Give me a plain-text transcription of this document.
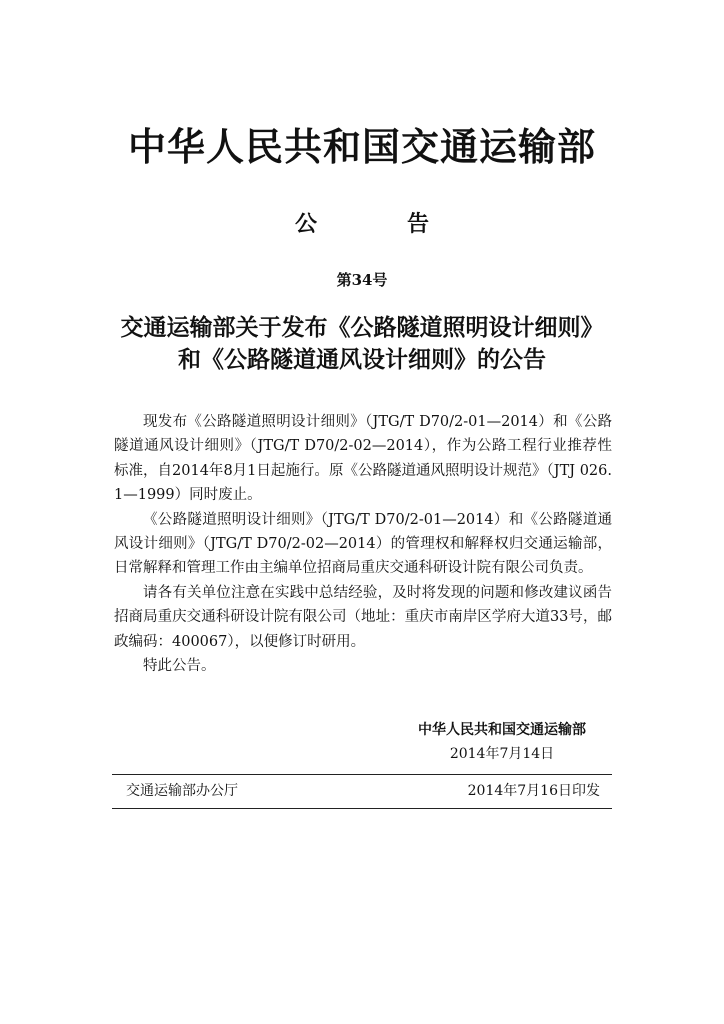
中华人民共和国交通运输部
公告
第34号
交通运输部关于发布《公路隧道照明设计细则》
和《公路隧道通风设计细则》的公告

现发布《公路隧道照明设计细则》（JTG/T D70/2-01—2014）和《公路隧道通风设计细则》（JTG/T D70/2-02—2014），作为公路工程行业推荐性标准，自2014年8月1日起施行。原《公路隧道通风照明设计规范》（JTJ 026. 1—1999）同时废止。

《公路隧道照明设计细则》（JTG/T D70/2-01—2014）和《公路隧道通风设计细则》（JTG/T D70/2-02—2014）的管理权和解释权归交通运输部，日常解释和管理工作由主编单位招商局重庆交通科研设计院有限公司负责。

请各有关单位注意在实践中总结经验，及时将发现的问题和修改建议函告招商局重庆交通科研设计院有限公司（地址：重庆市南岸区学府大道33号，邮政编码：400067），以便修订时研用。

特此公告。

中华人民共和国交通运输部
2014年7月14日
交通运输部办公厅	2014年7月16日印发
